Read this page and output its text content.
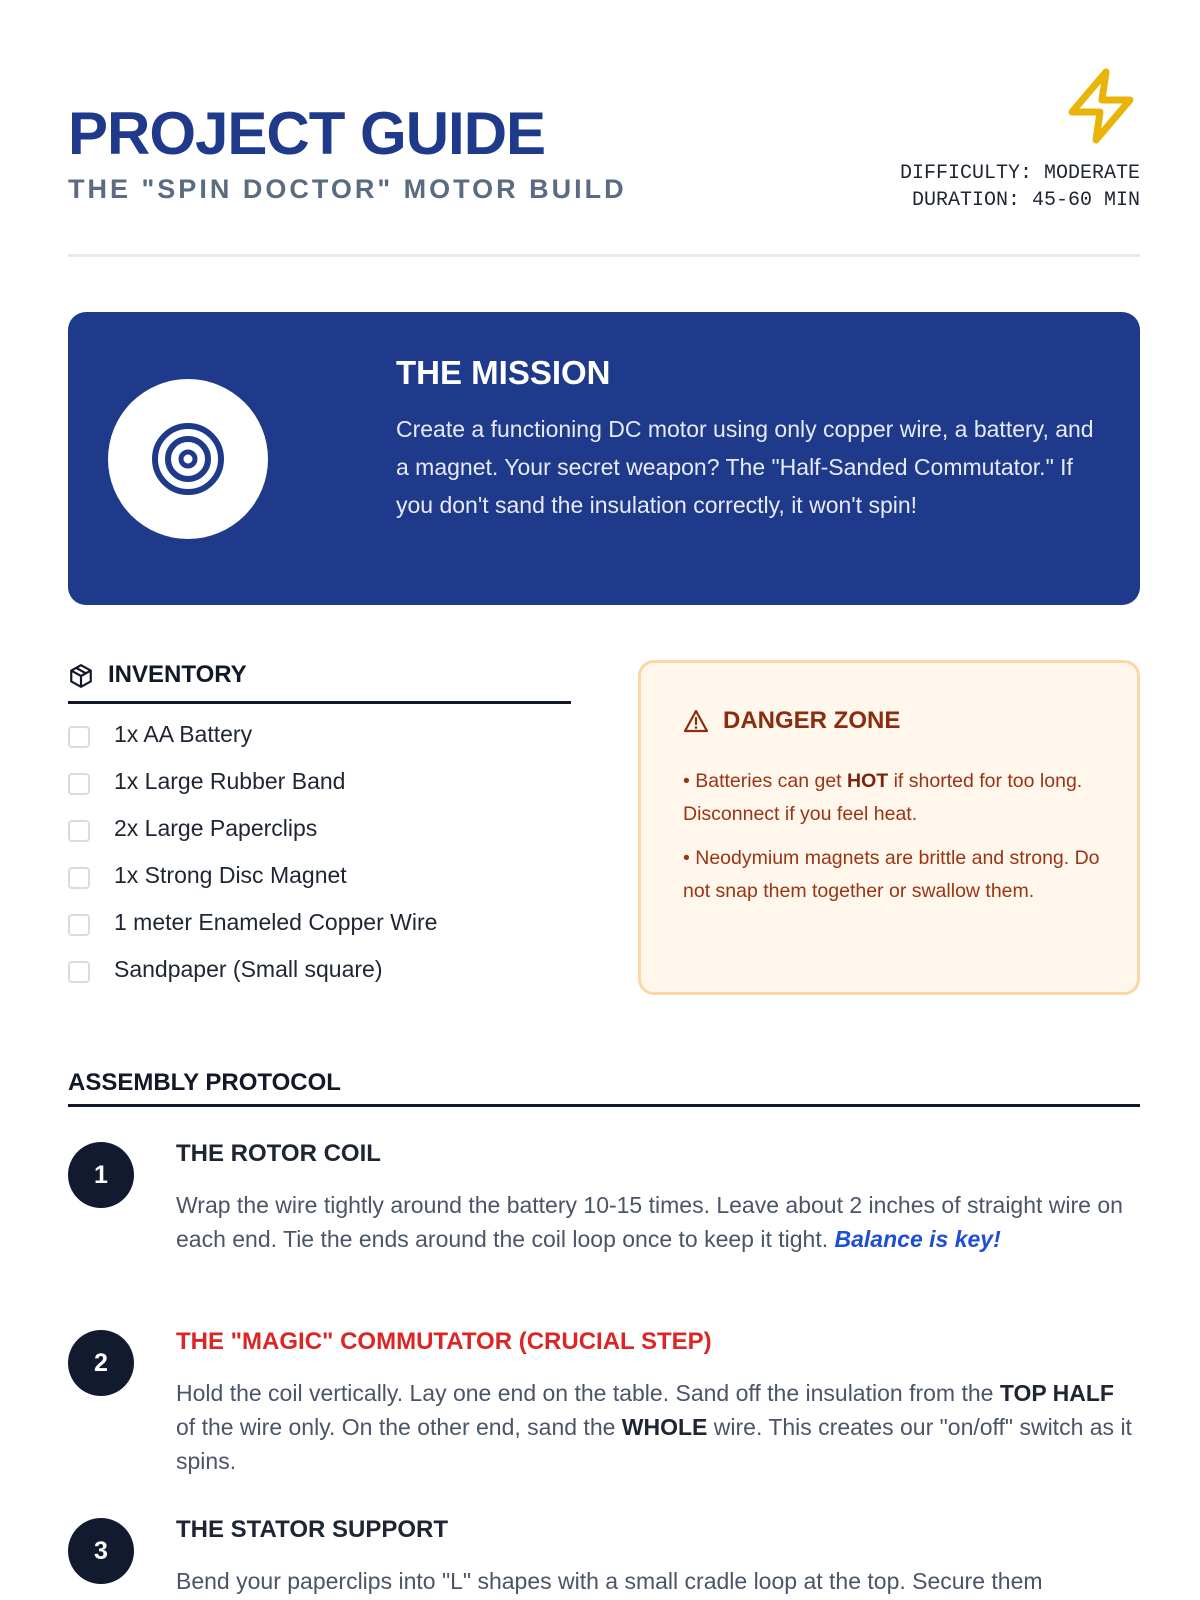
PROJECT GUIDE
THE "SPIN DOCTOR" MOTOR BUILD
DIFFICULTY: MODERATE
DURATION: 45-60 MIN
THE MISSION

Create a functioning DC motor using only copper wire, a battery, and a magnet. Your secret weapon? The "Half-Sanded Commutator." If you don't sand the insulation correctly, it won't spin!

INVENTORY
1x AA Battery
1x Large Rubber Band
2x Large Paperclips
1x Strong Disc Magnet
1 meter Enameled Copper Wire
Sandpaper (Small square)
DANGER ZONE
• Batteries can get HOT if shorted for too long. Disconnect if you feel heat.
• Neodymium magnets are brittle and strong. Do not snap them together or swallow them.
ASSEMBLY PROTOCOL
1
THE ROTOR COIL

Wrap the wire tightly around the battery 10-15 times. Leave about 2 inches of straight wire on each end. Tie the ends around the coil loop once to keep it tight. Balance is key!

2
THE "MAGIC" COMMUTATOR (CRUCIAL STEP)

Hold the coil vertically. Lay one end on the table. Sand off the insulation from the TOP HALF of the wire only. On the other end, sand the WHOLE wire. This creates our "on/off" switch as it spins.

3
THE STATOR SUPPORT

Bend your paperclips into "L" shapes with a small cradle loop at the top. Secure them
